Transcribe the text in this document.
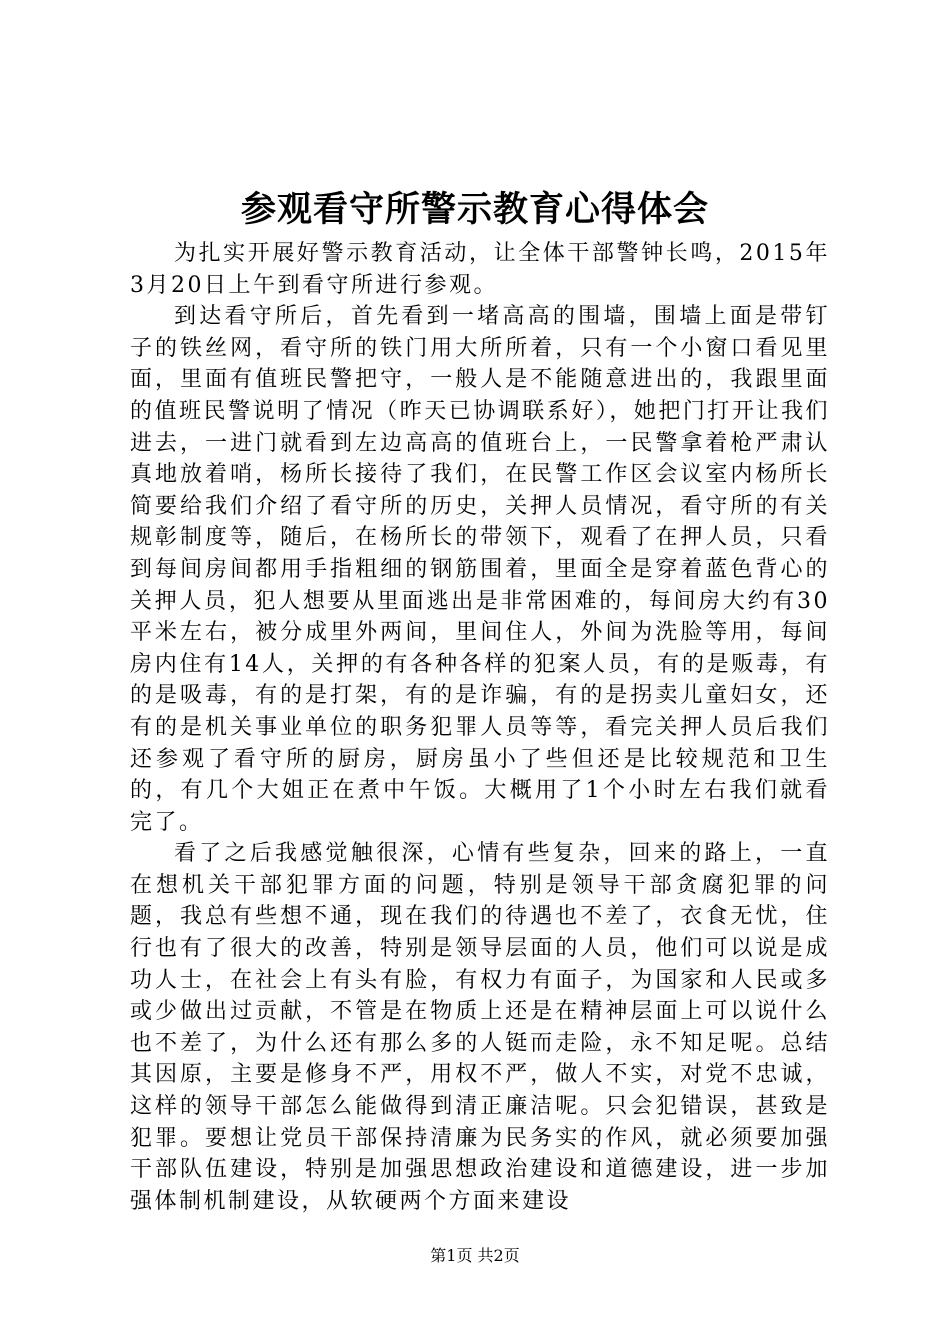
参观看守所警示教育心得体会

为扎实开展好警示教育活动，让全体干部警钟长鸣，2015年3月20日上午到看守所进行参观。

到达看守所后，首先看到一堵高高的围墙，围墙上面是带钉子的铁丝网，看守所的铁门用大所所着，只有一个小窗口看见里面，里面有值班民警把守，一般人是不能随意进出的，我跟里面的值班民警说明了情况（昨天已协调联系好），她把门打开让我们进去，一进门就看到左边高高的值班台上，一民警拿着枪严肃认真地放着哨，杨所长接待了我们，在民警工作区会议室内杨所长简要给我们介绍了看守所的历史，关押人员情况，看守所的有关规彰制度等，随后，在杨所长的带领下，观看了在押人员，只看到每间房间都用手指粗细的钢筋围着，里面全是穿着蓝色背心的关押人员，犯人想要从里面逃出是非常困难的，每间房大约有30平米左右，被分成里外两间，里间住人，外间为洗脸等用，每间房内住有14人，关押的有各种各样的犯案人员，有的是贩毒，有的是吸毒，有的是打架，有的是诈骗，有的是拐卖儿童妇女，还有的是机关事业单位的职务犯罪人员等等，看完关押人员后我们还参观了看守所的厨房，厨房虽小了些但还是比较规范和卫生的，有几个大姐正在煮中午饭。大概用了1个小时左右我们就看完了。

看了之后我感觉触很深，心情有些复杂，回来的路上，一直在想机关干部犯罪方面的问题，特别是领导干部贪腐犯罪的问题，我总有些想不通，现在我们的待遇也不差了，衣食无忧，住行也有了很大的改善，特别是领导层面的人员，他们可以说是成功人士，在社会上有头有脸，有权力有面子，为国家和人民或多或少做出过贡献，不管是在物质上还是在精神层面上可以说什么也不差了，为什么还有那么多的人铤而走险，永不知足呢。总结其因原，主要是修身不严，用权不严，做人不实，对党不忠诚，这样的领导干部怎么能做得到清正廉洁呢。只会犯错误，甚致是犯罪。要想让党员干部保持清廉为民务实的作风，就必须要加强干部队伍建设，特别是加强思想政治建设和道德建设，进一步加强体制机制建设，从软硬两个方面来建设

第1页 共2页
